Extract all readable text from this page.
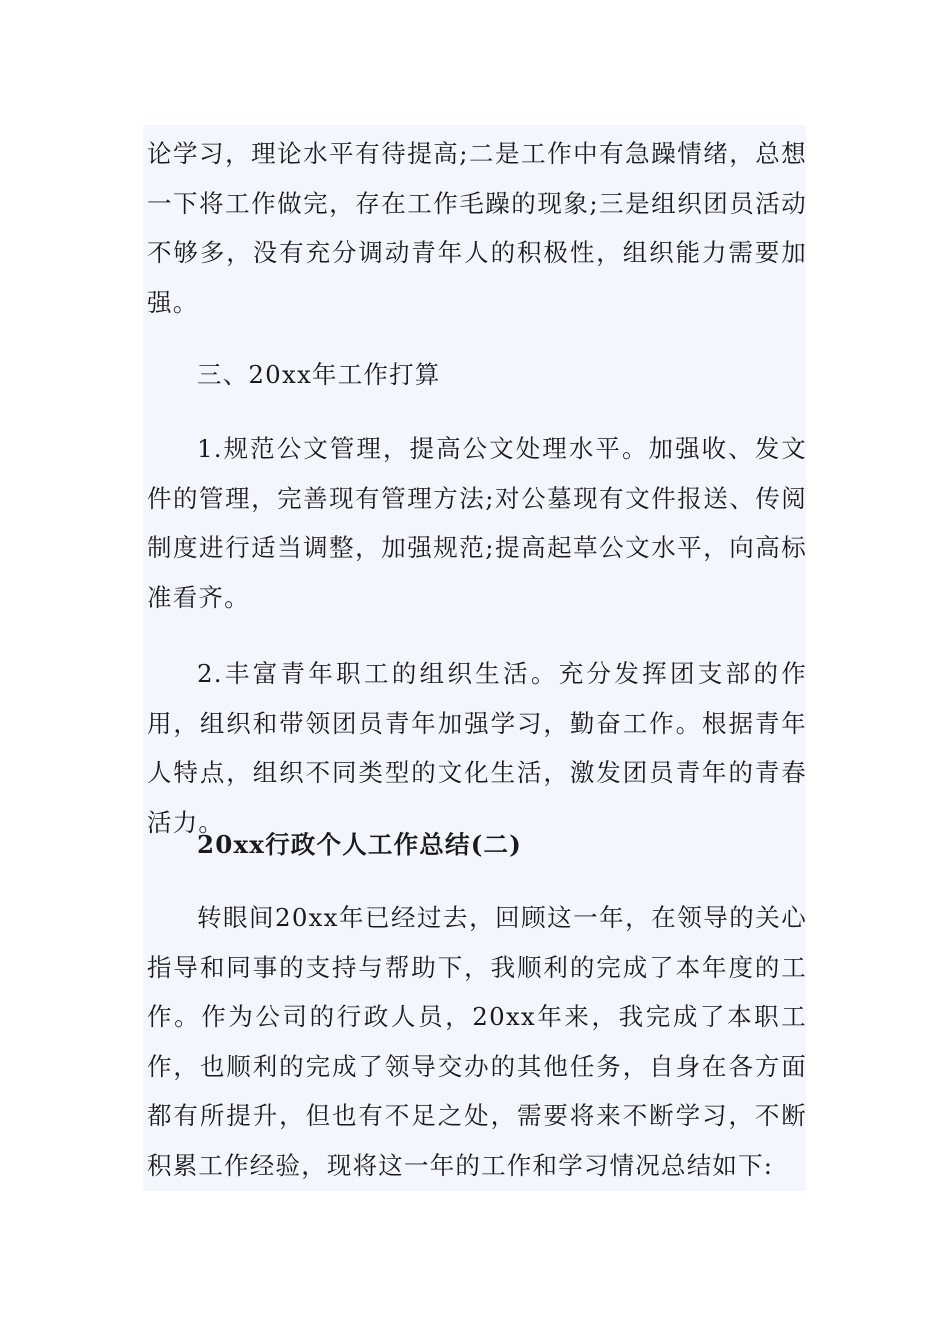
论学习，理论水平有待提高;二是工作中有急躁情绪，总想一下将工作做完，存在工作毛躁的现象;三是组织团员活动不够多，没有充分调动青年人的积极性，组织能力需要加强。

三、20xx年工作打算

1.规范公文管理，提高公文处理水平。加强收、发文件的管理，完善现有管理方法;对公墓现有文件报送、传阅制度进行适当调整，加强规范;提高起草公文水平，向高标准看齐。

2.丰富青年职工的组织生活。充分发挥团支部的作用，组织和带领团员青年加强学习，勤奋工作。根据青年人特点，组织不同类型的文化生活，激发团员青年的青春活力。

20xx行政个人工作总结(二)

转眼间20xx年已经过去，回顾这一年，在领导的关心指导和同事的支持与帮助下，我顺利的完成了本年度的工作。作为公司的行政人员，20xx年来，我完成了本职工作，也顺利的完成了领导交办的其他任务，自身在各方面都有所提升，但也有不足之处，需要将来不断学习，不断积累工作经验，现将这一年的工作和学习情况总结如下:
